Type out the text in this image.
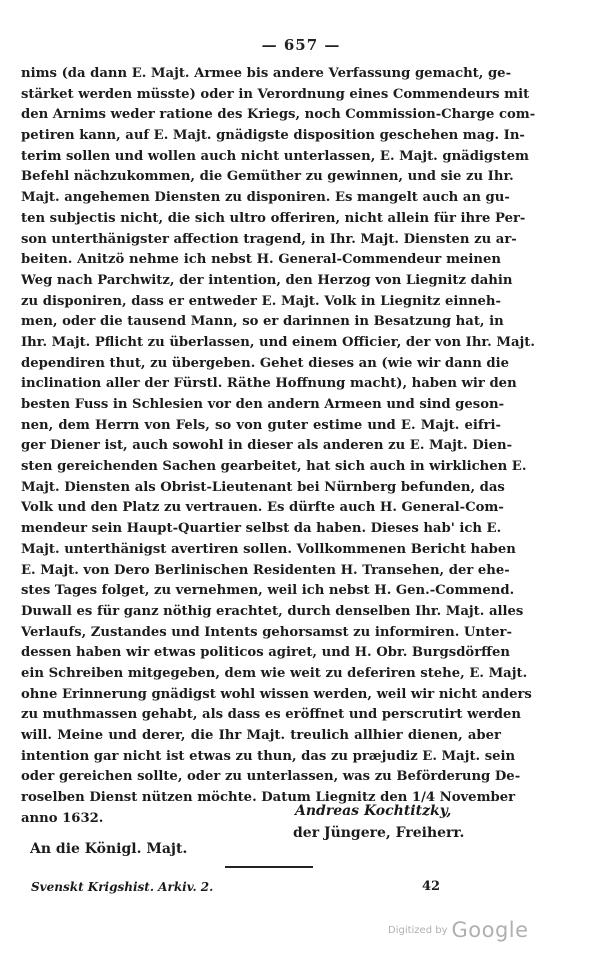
— 657 —
nims (da dann E. Majt. Armee bis andere Verfassung gemacht, ge-
stärket werden müsste) oder in Verordnung eines Commendeurs mit
den Arnims weder ratione des Kriegs, noch Commission-Charge com-
petiren kann, auf E. Majt. gnädigste disposition geschehen mag. In-
terim sollen und wollen auch nicht unterlassen, E. Majt. gnädigstem
Befehl nächzukommen, die Gemüther zu gewinnen, und sie zu Ihr.
Majt. angehemen Diensten zu disponiren. Es mangelt auch an gu-
ten subjectis nicht, die sich ultro offeriren, nicht allein für ihre Per-
son unterthänigster affection tragend, in Ihr. Majt. Diensten zu ar-
beiten. Anitzö nehme ich nebst H. General-Commendeur meinen
Weg nach Parchwitz, der intention, den Herzog von Liegnitz dahin
zu disponiren, dass er entweder E. Majt. Volk in Liegnitz einneh-
men, oder die tausend Mann, so er darinnen in Besatzung hat, in
Ihr. Majt. Pflicht zu überlassen, und einem Officier, der von Ihr. Majt.
dependiren thut, zu übergeben. Gehet dieses an (wie wir dann die
inclination aller der Fürstl. Räthe Hoffnung macht), haben wir den
besten Fuss in Schlesien vor den andern Armeen und sind geson-
nen, dem Herrn von Fels, so von guter estime und E. Majt. eifri-
ger Diener ist, auch sowohl in dieser als anderen zu E. Majt. Dien-
sten gereichenden Sachen gearbeitet, hat sich auch in wirklichen E.
Majt. Diensten als Obrist-Lieutenant bei Nürnberg befunden, das
Volk und den Platz zu vertrauen. Es dürfte auch H. General-Com-
mendeur sein Haupt-Quartier selbst da haben. Dieses hab' ich E.
Majt. unterthänigst avertiren sollen. Vollkommenen Bericht haben
E. Majt. von Dero Berlinischen Residenten H. Transehen, der ehe-
stes Tages folget, zu vernehmen, weil ich nebst H. Gen.-Commend.
Duwall es für ganz nöthig erachtet, durch denselben Ihr. Majt. alles
Verlaufs, Zustandes und Intents gehorsamst zu informiren. Unter-
dessen haben wir etwas politicos agiret, und H. Obr. Burgsdörffen
ein Schreiben mitgegeben, dem wie weit zu deferiren stehe, E. Majt.
ohne Erinnerung gnädigst wohl wissen werden, weil wir nicht anders
zu muthmassen gehabt, als dass es eröffnet und perscrutirt werden
will. Meine und derer, die Ihr Majt. treulich allhier dienen, aber
intention gar nicht ist etwas zu thun, das zu præjudiz E. Majt. sein
oder gereichen sollte, oder zu unterlassen, was zu Beförderung De-
roselben Dienst nützen möchte. Datum Liegnitz den 1/4 November
anno 1632.	Andreas Kochtitzky,
der Jüngere, Freiherr.
An die Königl. Majt.
Svenskt Krigshist. Arkiv. 2.	42
Digitized by Google
